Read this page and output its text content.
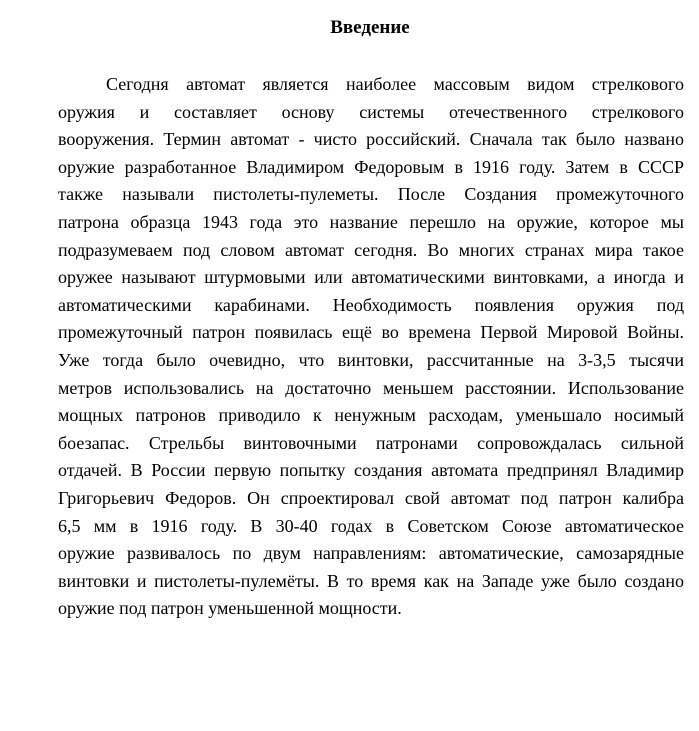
Введение
Сегодня автомат является наиболее массовым видом стрелкового
оружия и составляет основу системы отечественного стрелкового
вооружения. Термин автомат - чисто российский. Сначала так было названо
оружие разработанное Владимиром Федоровым в 1916 году. Затем в СССР
также называли пистолеты-пулеметы. После Создания промежуточного
патрона образца 1943 года это название перешло на оружие, которое мы
подразумеваем под словом автомат сегодня. Во многих странах мира такое
оружее называют штурмовыми или автоматическими винтовками, а иногда и
автоматическими карабинами. Необходимость появления оружия под
промежуточный патрон появилась ещё во времена Первой Мировой Войны.
Уже тогда было очевидно, что винтовки, рассчитанные на 3-3,5 тысячи
метров использовались на достаточно меньшем расстоянии. Использование
мощных патронов приводило к ненужным расходам, уменьшало носимый
боезапас. Стрельбы винтовочными патронами сопровождалась сильной
отдачей. В России первую попытку создания автомата предпринял Владимир
Григорьевич Федоров. Он спроектировал свой автомат под патрон калибра
6,5 мм в 1916 году. В 30-40 годах в Советском Союзе автоматическое
оружие развивалось по двум направлениям: автоматические, самозарядные
винтовки и пистолеты-пулемёты. В то время как на Западе уже было создано
оружие под патрон уменьшенной мощности.
